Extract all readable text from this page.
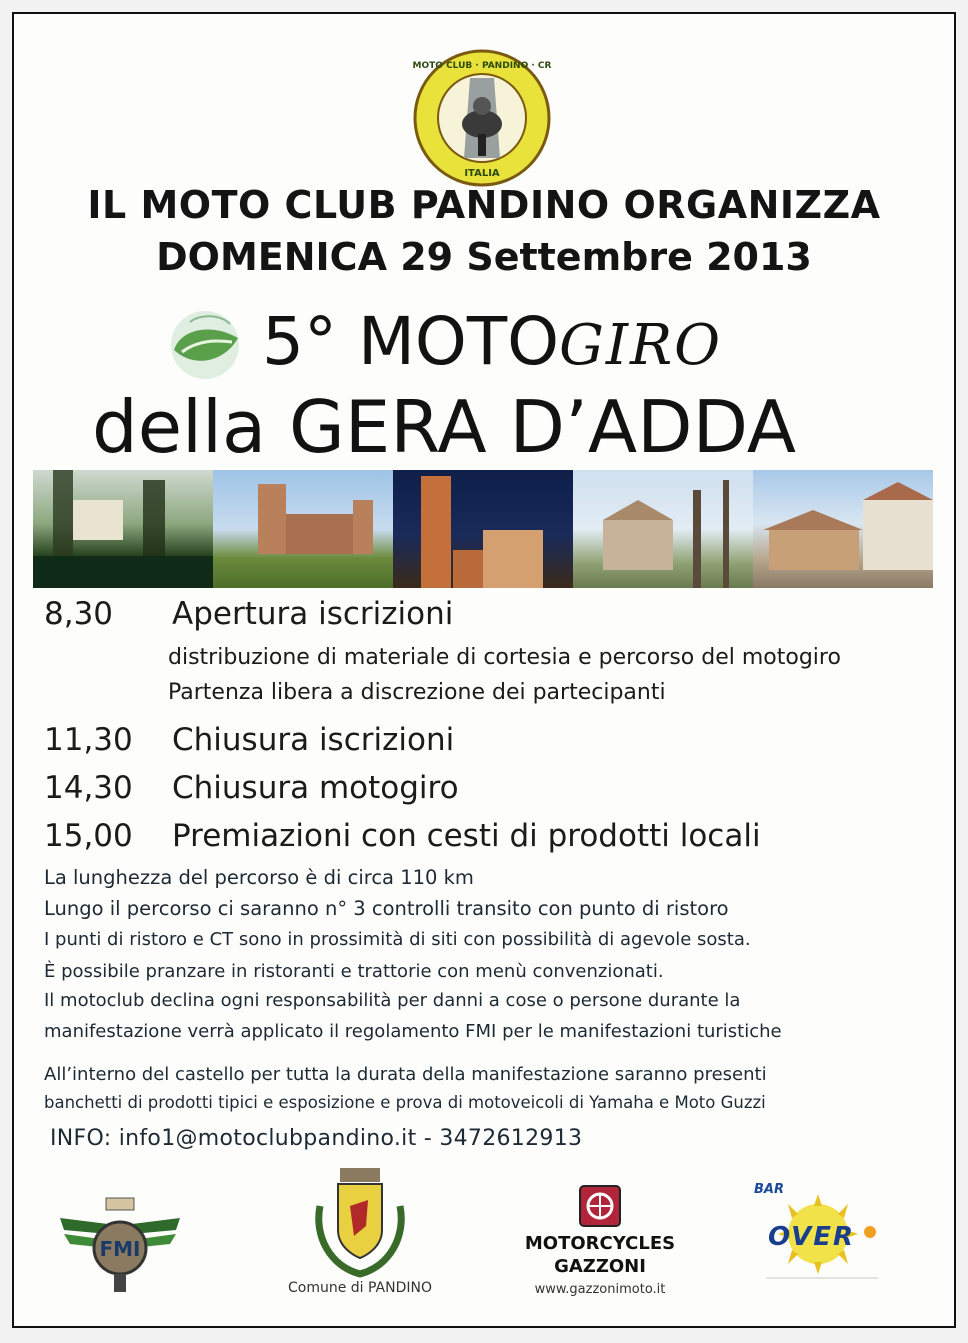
MOTO CLUB · PANDINO · CR
ITALIA
IL MOTO CLUB PANDINO ORGANIZZA
DOMENICA 29 Settembre 2013
5° MOTOGIRO
della GERA D’ADDA
8,30 Apertura iscrizioni
distribuzione di materiale di cortesia e percorso del motogiro
Partenza libera a discrezione dei partecipanti
11,30 Chiusura iscrizioni
14,30 Chiusura motogiro
15,00 Premiazioni con cesti di prodotti locali
La lunghezza del percorso è di circa 110 km
Lungo il percorso ci saranno n° 3 controlli transito con punto di ristoro
I punti di ristoro e CT sono in prossimità di siti con possibilità di agevole sosta.
È possibile pranzare in ristoranti e trattorie con menù convenzionati.
Il motoclub declina ogni responsabilità per danni a cose o persone durante la
manifestazione verrà applicato il regolamento FMI per le manifestazioni turistiche
All’interno del castello per tutta la durata della manifestazione saranno presenti
banchetti di prodotti tipici e esposizione e prova di motoveicoli di Yamaha e Moto Guzzi
INFO: info1@motoclubpandino.it - 3472612913
FMI
Comune di PANDINO
MOTORCYCLES
GAZZONI
www.gazzonimoto.it
BAR
OVER
